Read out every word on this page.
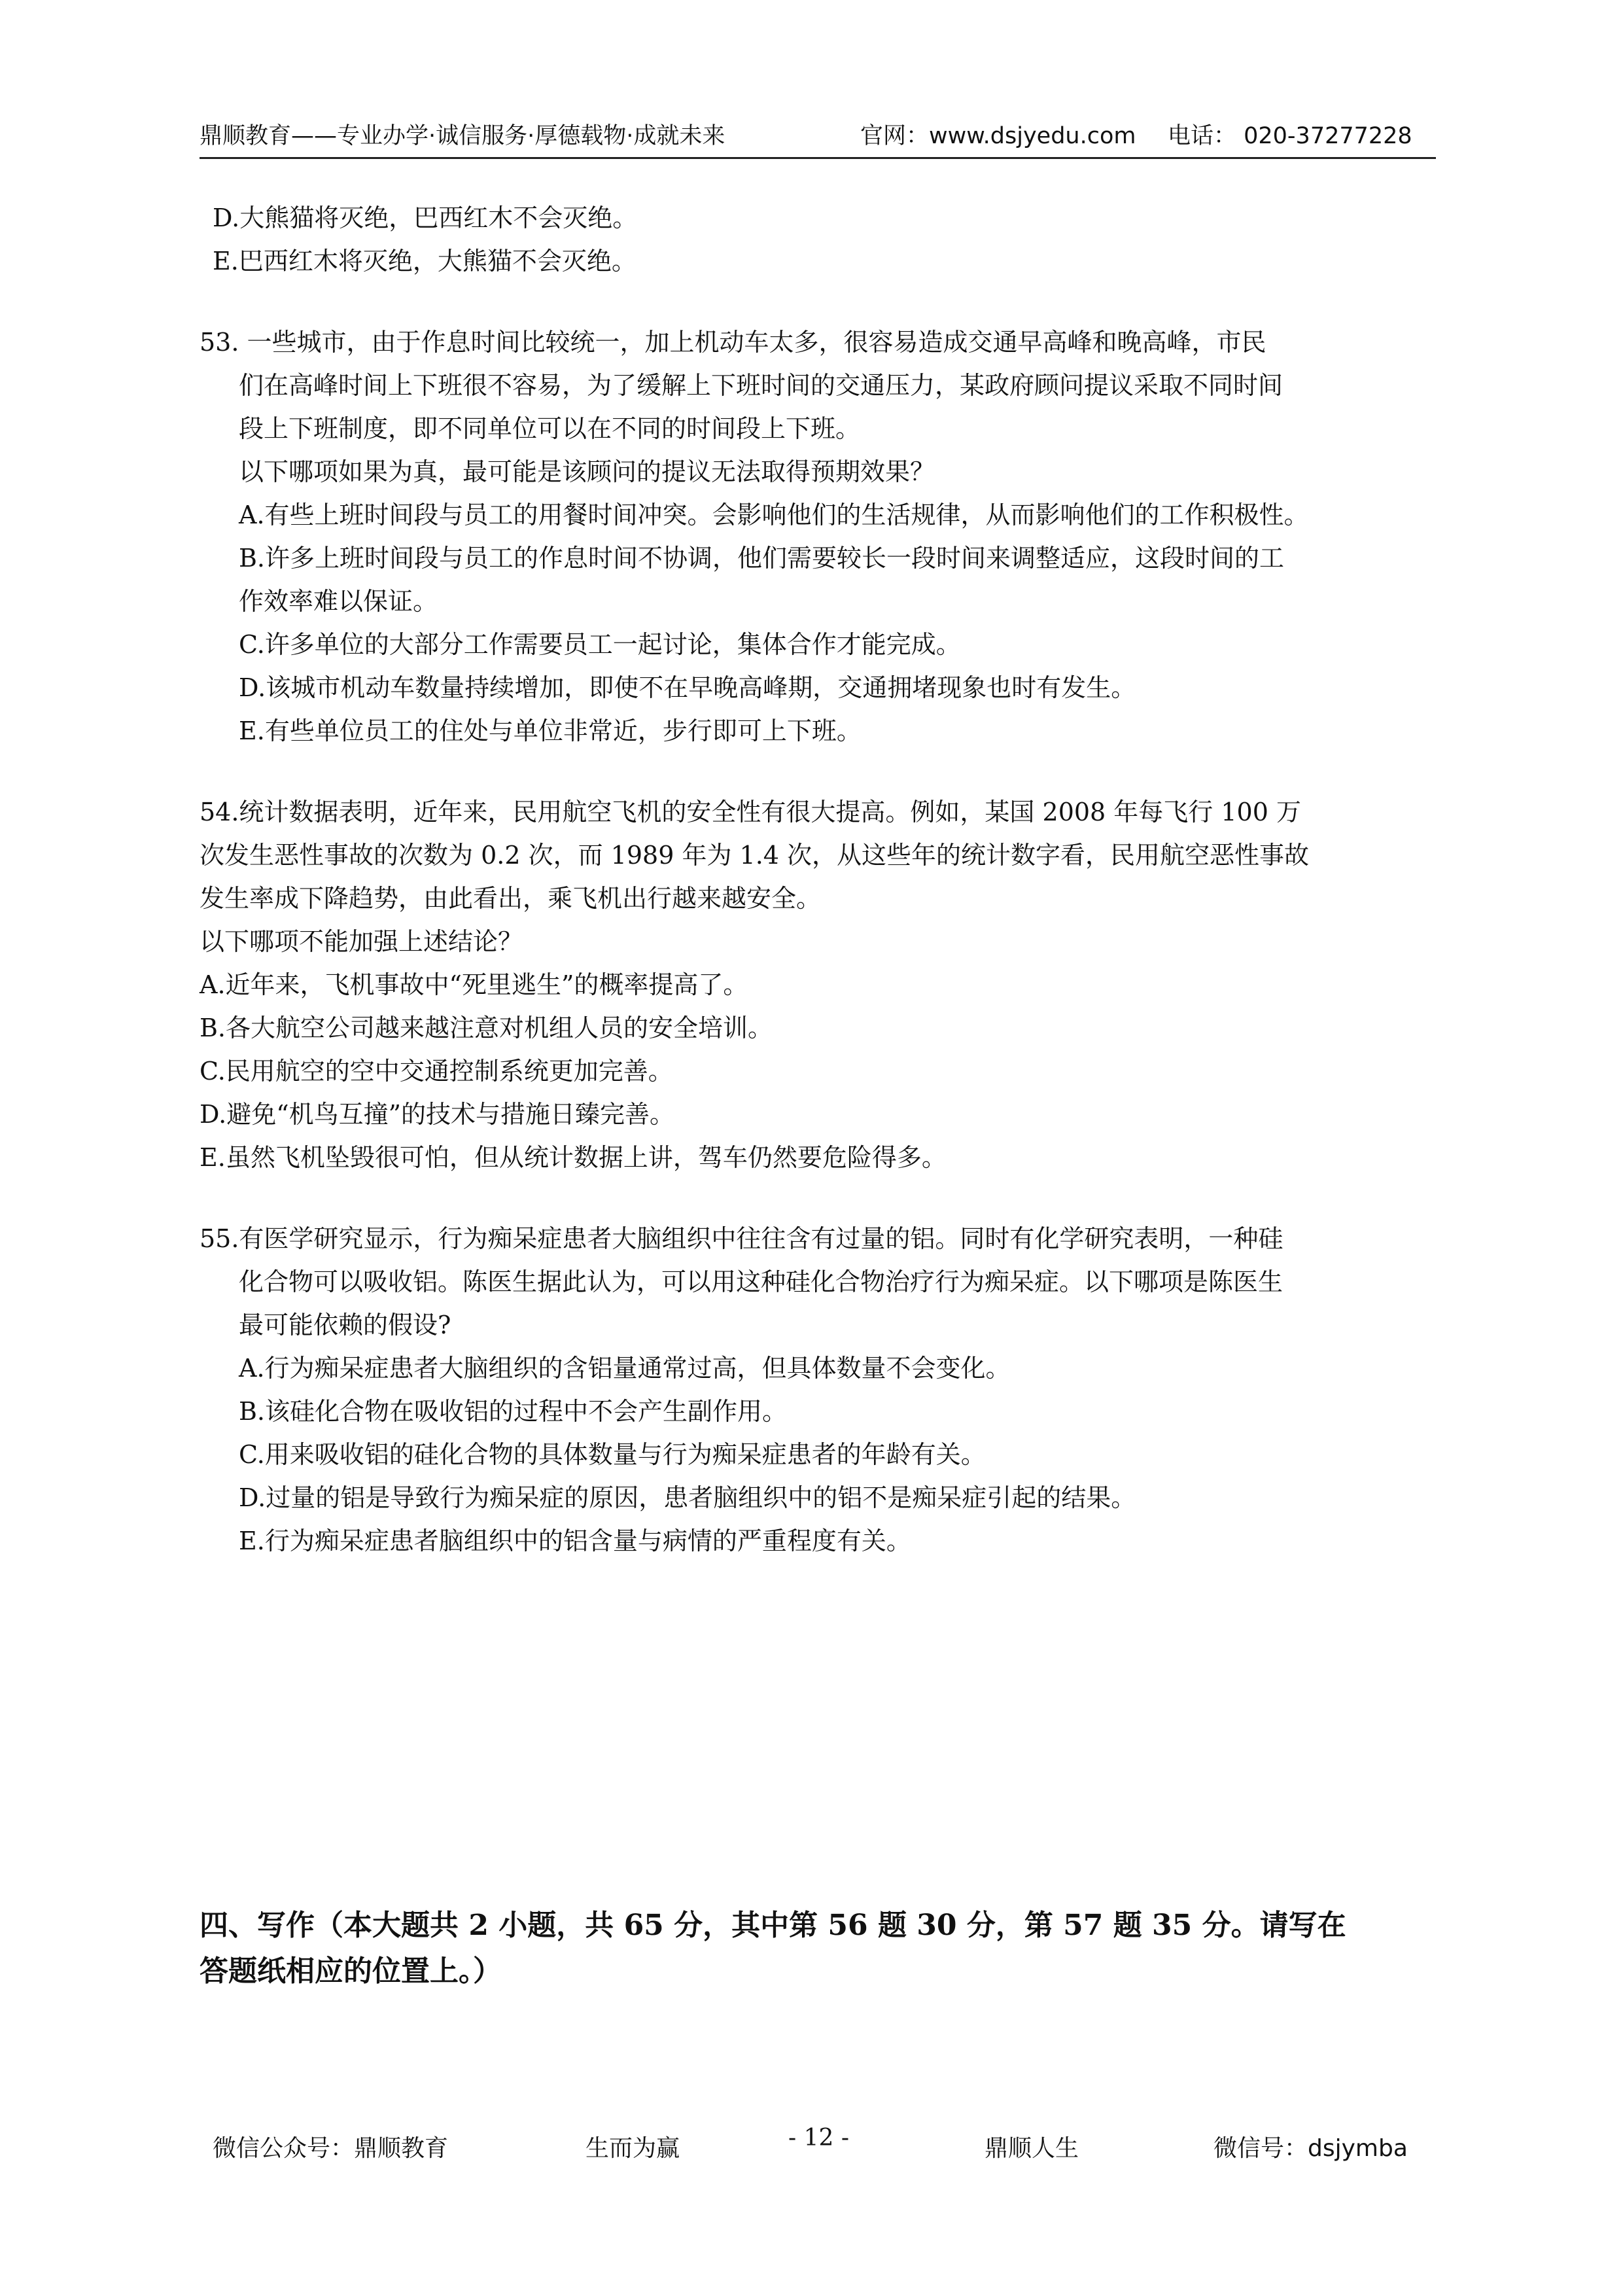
鼎顺教育——专业办学·诚信服务·厚德载物·成就未来	官网：www.dsjyedu.com 电话： 020-37277228
D.大熊猫将灭绝，巴西红木不会灭绝。
E.巴西红木将灭绝，大熊猫不会灭绝。
53. 一些城市，由于作息时间比较统一，加上机动车太多，很容易造成交通早高峰和晚高峰，市民
们在高峰时间上下班很不容易，为了缓解上下班时间的交通压力，某政府顾问提议采取不同时间
段上下班制度，即不同单位可以在不同的时间段上下班。
以下哪项如果为真，最可能是该顾问的提议无法取得预期效果？
A.有些上班时间段与员工的用餐时间冲突。会影响他们的生活规律，从而影响他们的工作积极性。
B.许多上班时间段与员工的作息时间不协调，他们需要较长一段时间来调整适应，这段时间的工
作效率难以保证。
C.许多单位的大部分工作需要员工一起讨论，集体合作才能完成。
D.该城市机动车数量持续增加，即使不在早晚高峰期，交通拥堵现象也时有发生。
E.有些单位员工的住处与单位非常近，步行即可上下班。
54.统计数据表明，近年来，民用航空飞机的安全性有很大提高。例如，某国 2008 年每飞行 100 万
次发生恶性事故的次数为 0.2 次，而 1989 年为 1.4 次，从这些年的统计数字看，民用航空恶性事故
发生率成下降趋势，由此看出，乘飞机出行越来越安全。
以下哪项不能加强上述结论？
A.近年来，飞机事故中“死里逃生”的概率提高了。
B.各大航空公司越来越注意对机组人员的安全培训。
C.民用航空的空中交通控制系统更加完善。
D.避免“机鸟互撞”的技术与措施日臻完善。
E.虽然飞机坠毁很可怕，但从统计数据上讲，驾车仍然要危险得多。
55.有医学研究显示，行为痴呆症患者大脑组织中往往含有过量的铝。同时有化学研究表明，一种硅
化合物可以吸收铝。陈医生据此认为，可以用这种硅化合物治疗行为痴呆症。以下哪项是陈医生
最可能依赖的假设?
A.行为痴呆症患者大脑组织的含铝量通常过高，但具体数量不会变化。
B.该硅化合物在吸收铝的过程中不会产生副作用。
C.用来吸收铝的硅化合物的具体数量与行为痴呆症患者的年龄有关。
D.过量的铝是导致行为痴呆症的原因，患者脑组织中的铝不是痴呆症引起的结果。
E.行为痴呆症患者脑组织中的铝含量与病情的严重程度有关。
四、写作（本大题共 2 小题，共 65 分，其中第 56 题 30 分，第 57 题 35 分。请写在
答题纸相应的位置上。）
微信公众号：鼎顺教育	生而为赢	- 12 -	鼎顺人生	微信号：dsjymba
